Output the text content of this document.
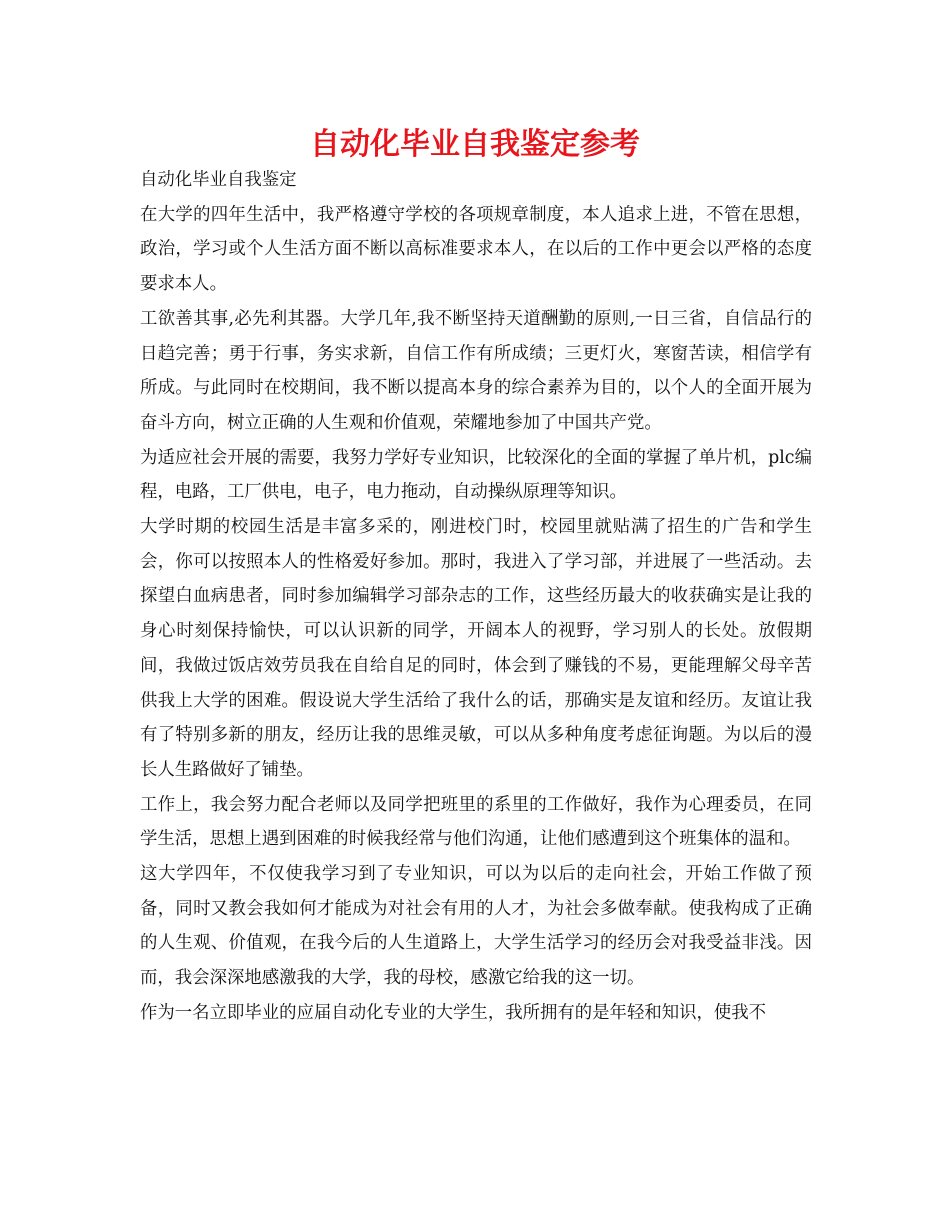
自动化毕业自我鉴定参考

自动化毕业自我鉴定

在大学的四年生活中，我严格遵守学校的各项规章制度，本人追求上进，不管在思想，政治，学习或个人生活方面不断以高标准要求本人，在以后的工作中更会以严格的态度要求本人。

工欲善其事,必先利其器。大学几年,我不断坚持天道酬勤的原则,一日三省，自信品行的日趋完善；勇于行事，务实求新，自信工作有所成绩；三更灯火，寒窗苦读，相信学有所成。与此同时在校期间，我不断以提高本身的综合素养为目的，以个人的全面开展为奋斗方向，树立正确的人生观和价值观，荣耀地参加了中国共产党。

为适应社会开展的需要，我努力学好专业知识，比较深化的全面的掌握了单片机，plc编程，电路，工厂供电，电子，电力拖动，自动操纵原理等知识。

大学时期的校园生活是丰富多采的，刚进校门时，校园里就贴满了招生的广告和学生会，你可以按照本人的性格爱好参加。那时，我进入了学习部，并进展了一些活动。去探望白血病患者，同时参加编辑学习部杂志的工作，这些经历最大的收获确实是让我的身心时刻保持愉快，可以认识新的同学，开阔本人的视野，学习别人的长处。放假期间，我做过饭店效劳员我在自给自足的同时，体会到了赚钱的不易，更能理解父母辛苦供我上大学的困难。假设说大学生活给了我什么的话，那确实是友谊和经历。友谊让我有了特别多新的朋友，经历让我的思维灵敏，可以从多种角度考虑征询题。为以后的漫长人生路做好了铺垫。

工作上，我会努力配合老师以及同学把班里的系里的工作做好，我作为心理委员，在同学生活，思想上遇到困难的时候我经常与他们沟通，让他们感遭到这个班集体的温和。

这大学四年，不仅使我学习到了专业知识，可以为以后的走向社会，开始工作做了预备，同时又教会我如何才能成为对社会有用的人才，为社会多做奉献。使我构成了正确的人生观、价值观，在我今后的人生道路上，大学生活学习的经历会对我受益非浅。因而，我会深深地感激我的大学，我的母校，感激它给我的这一切。

作为一名立即毕业的应届自动化专业的大学生，我所拥有的是年轻和知识，使我不
